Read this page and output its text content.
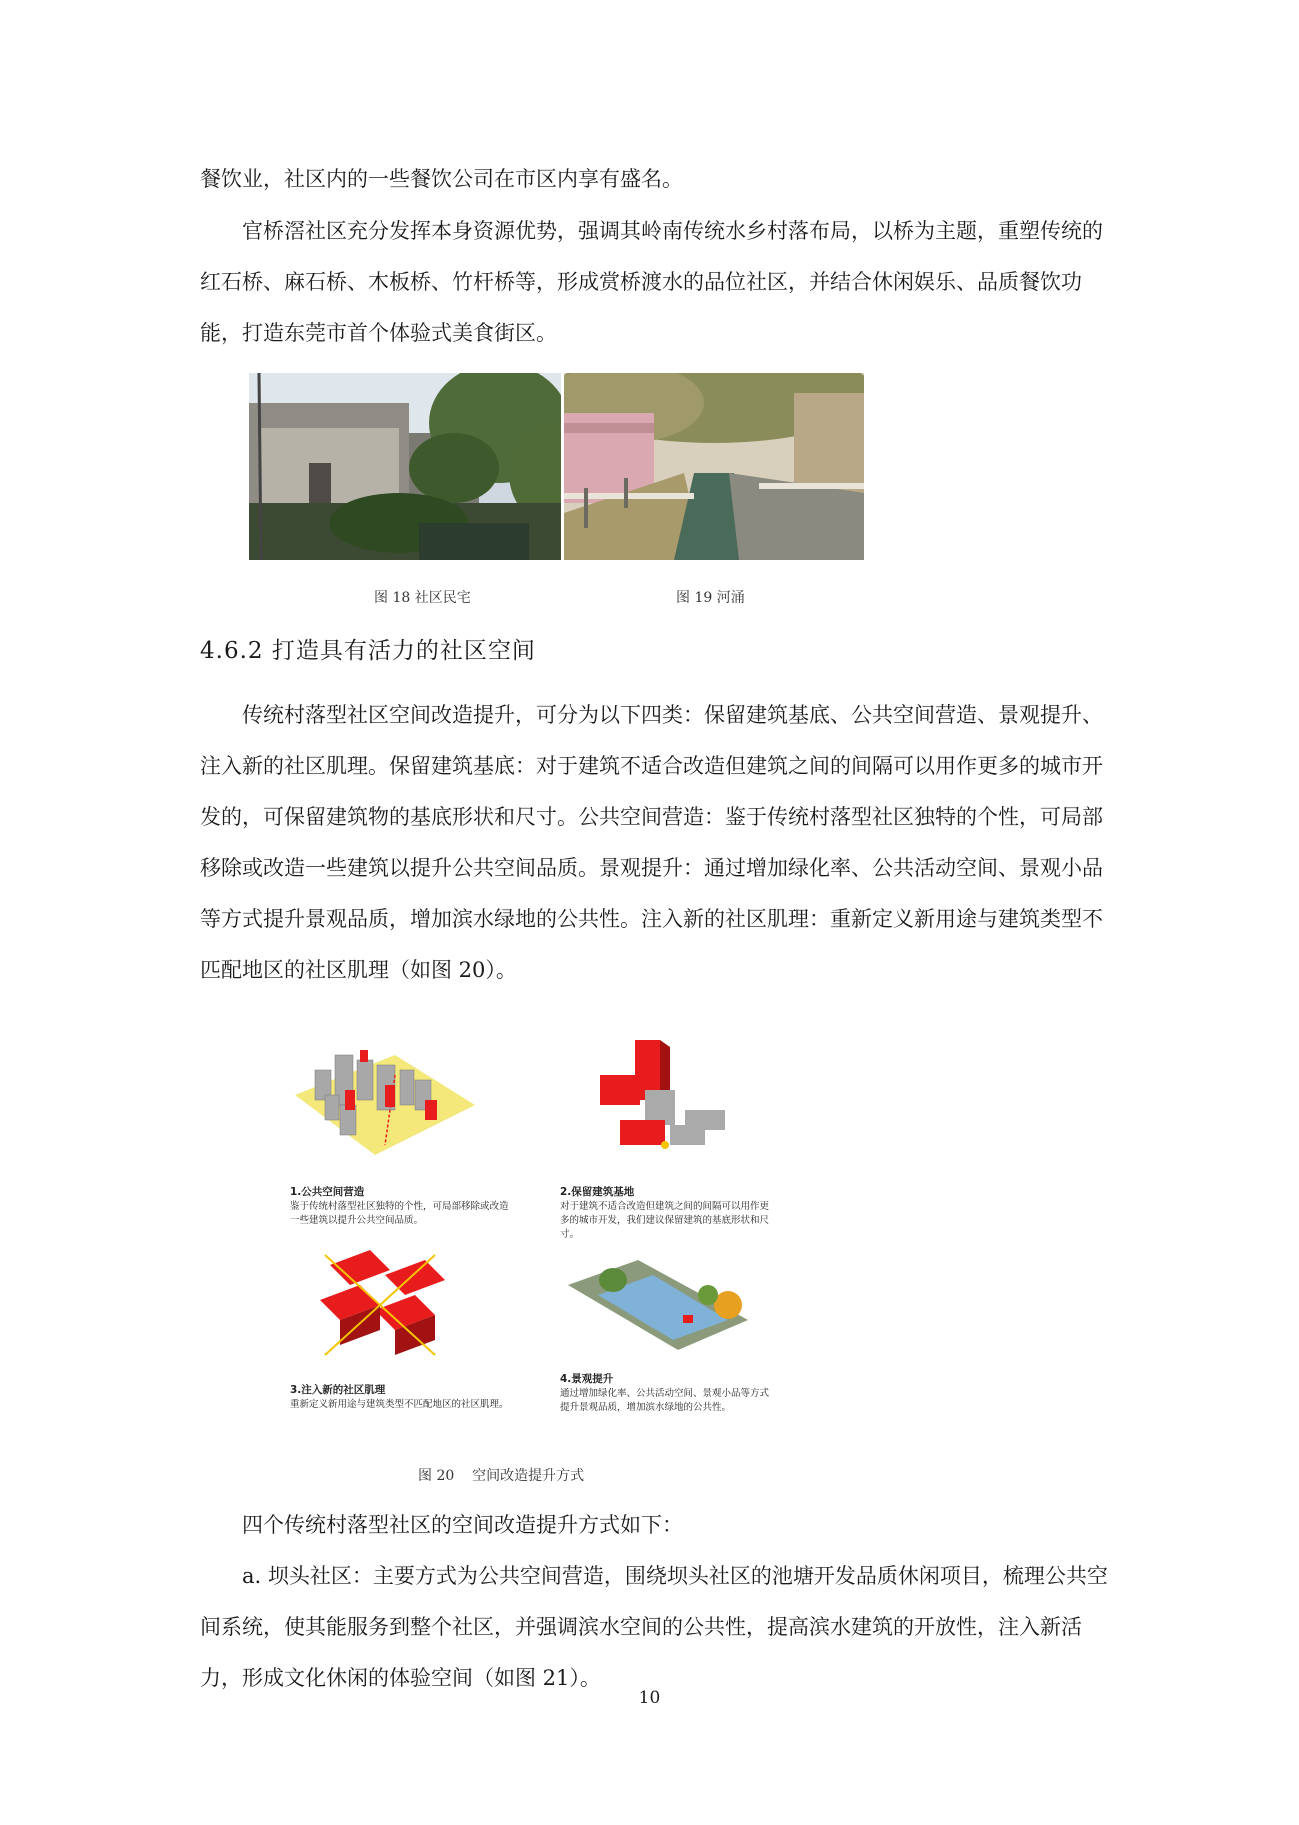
餐饮业，社区内的一些餐饮公司在市区内享有盛名。

官桥滘社区充分发挥本身资源优势，强调其岭南传统水乡村落布局，以桥为主题，重塑传统的红石桥、麻石桥、木板桥、竹杆桥等，形成赏桥渡水的品位社区，并结合休闲娱乐、品质餐饮功能，打造东莞市首个体验式美食街区。

图 18 社区民宅	图 19 河涌
4.6.2 打造具有活力的社区空间

传统村落型社区空间改造提升，可分为以下四类：保留建筑基底、公共空间营造、景观提升、注入新的社区肌理。保留建筑基底：对于建筑不适合改造但建筑之间的间隔可以用作更多的城市开发的，可保留建筑物的基底形状和尺寸。公共空间营造：鉴于传统村落型社区独特的个性，可局部移除或改造一些建筑以提升公共空间品质。景观提升：通过增加绿化率、公共活动空间、景观小品等方式提升景观品质，增加滨水绿地的公共性。注入新的社区肌理：重新定义新用途与建筑类型不匹配地区的社区肌理（如图 20）。

1.公共空间营造
鉴于传统村落型社区独特的个性，可局部移除或改造一些建筑以提升公共空间品质。
2.保留建筑基地
对于建筑不适合改造但建筑之间的间隔可以用作更多的城市开发，我们建议保留建筑的基底形状和尺寸。
3.注入新的社区肌理
重新定义新用途与建筑类型不匹配地区的社区肌理。
4.景观提升
通过增加绿化率、公共活动空间、景观小品等方式提升景观品质，增加滨水绿地的公共性。
图 20    空间改造提升方式

四个传统村落型社区的空间改造提升方式如下：

a. 坝头社区：主要方式为公共空间营造，围绕坝头社区的池塘开发品质休闲项目，梳理公共空间系统，使其能服务到整个社区，并强调滨水空间的公共性，提高滨水建筑的开放性，注入新活力，形成文化休闲的体验空间（如图 21）。

10
